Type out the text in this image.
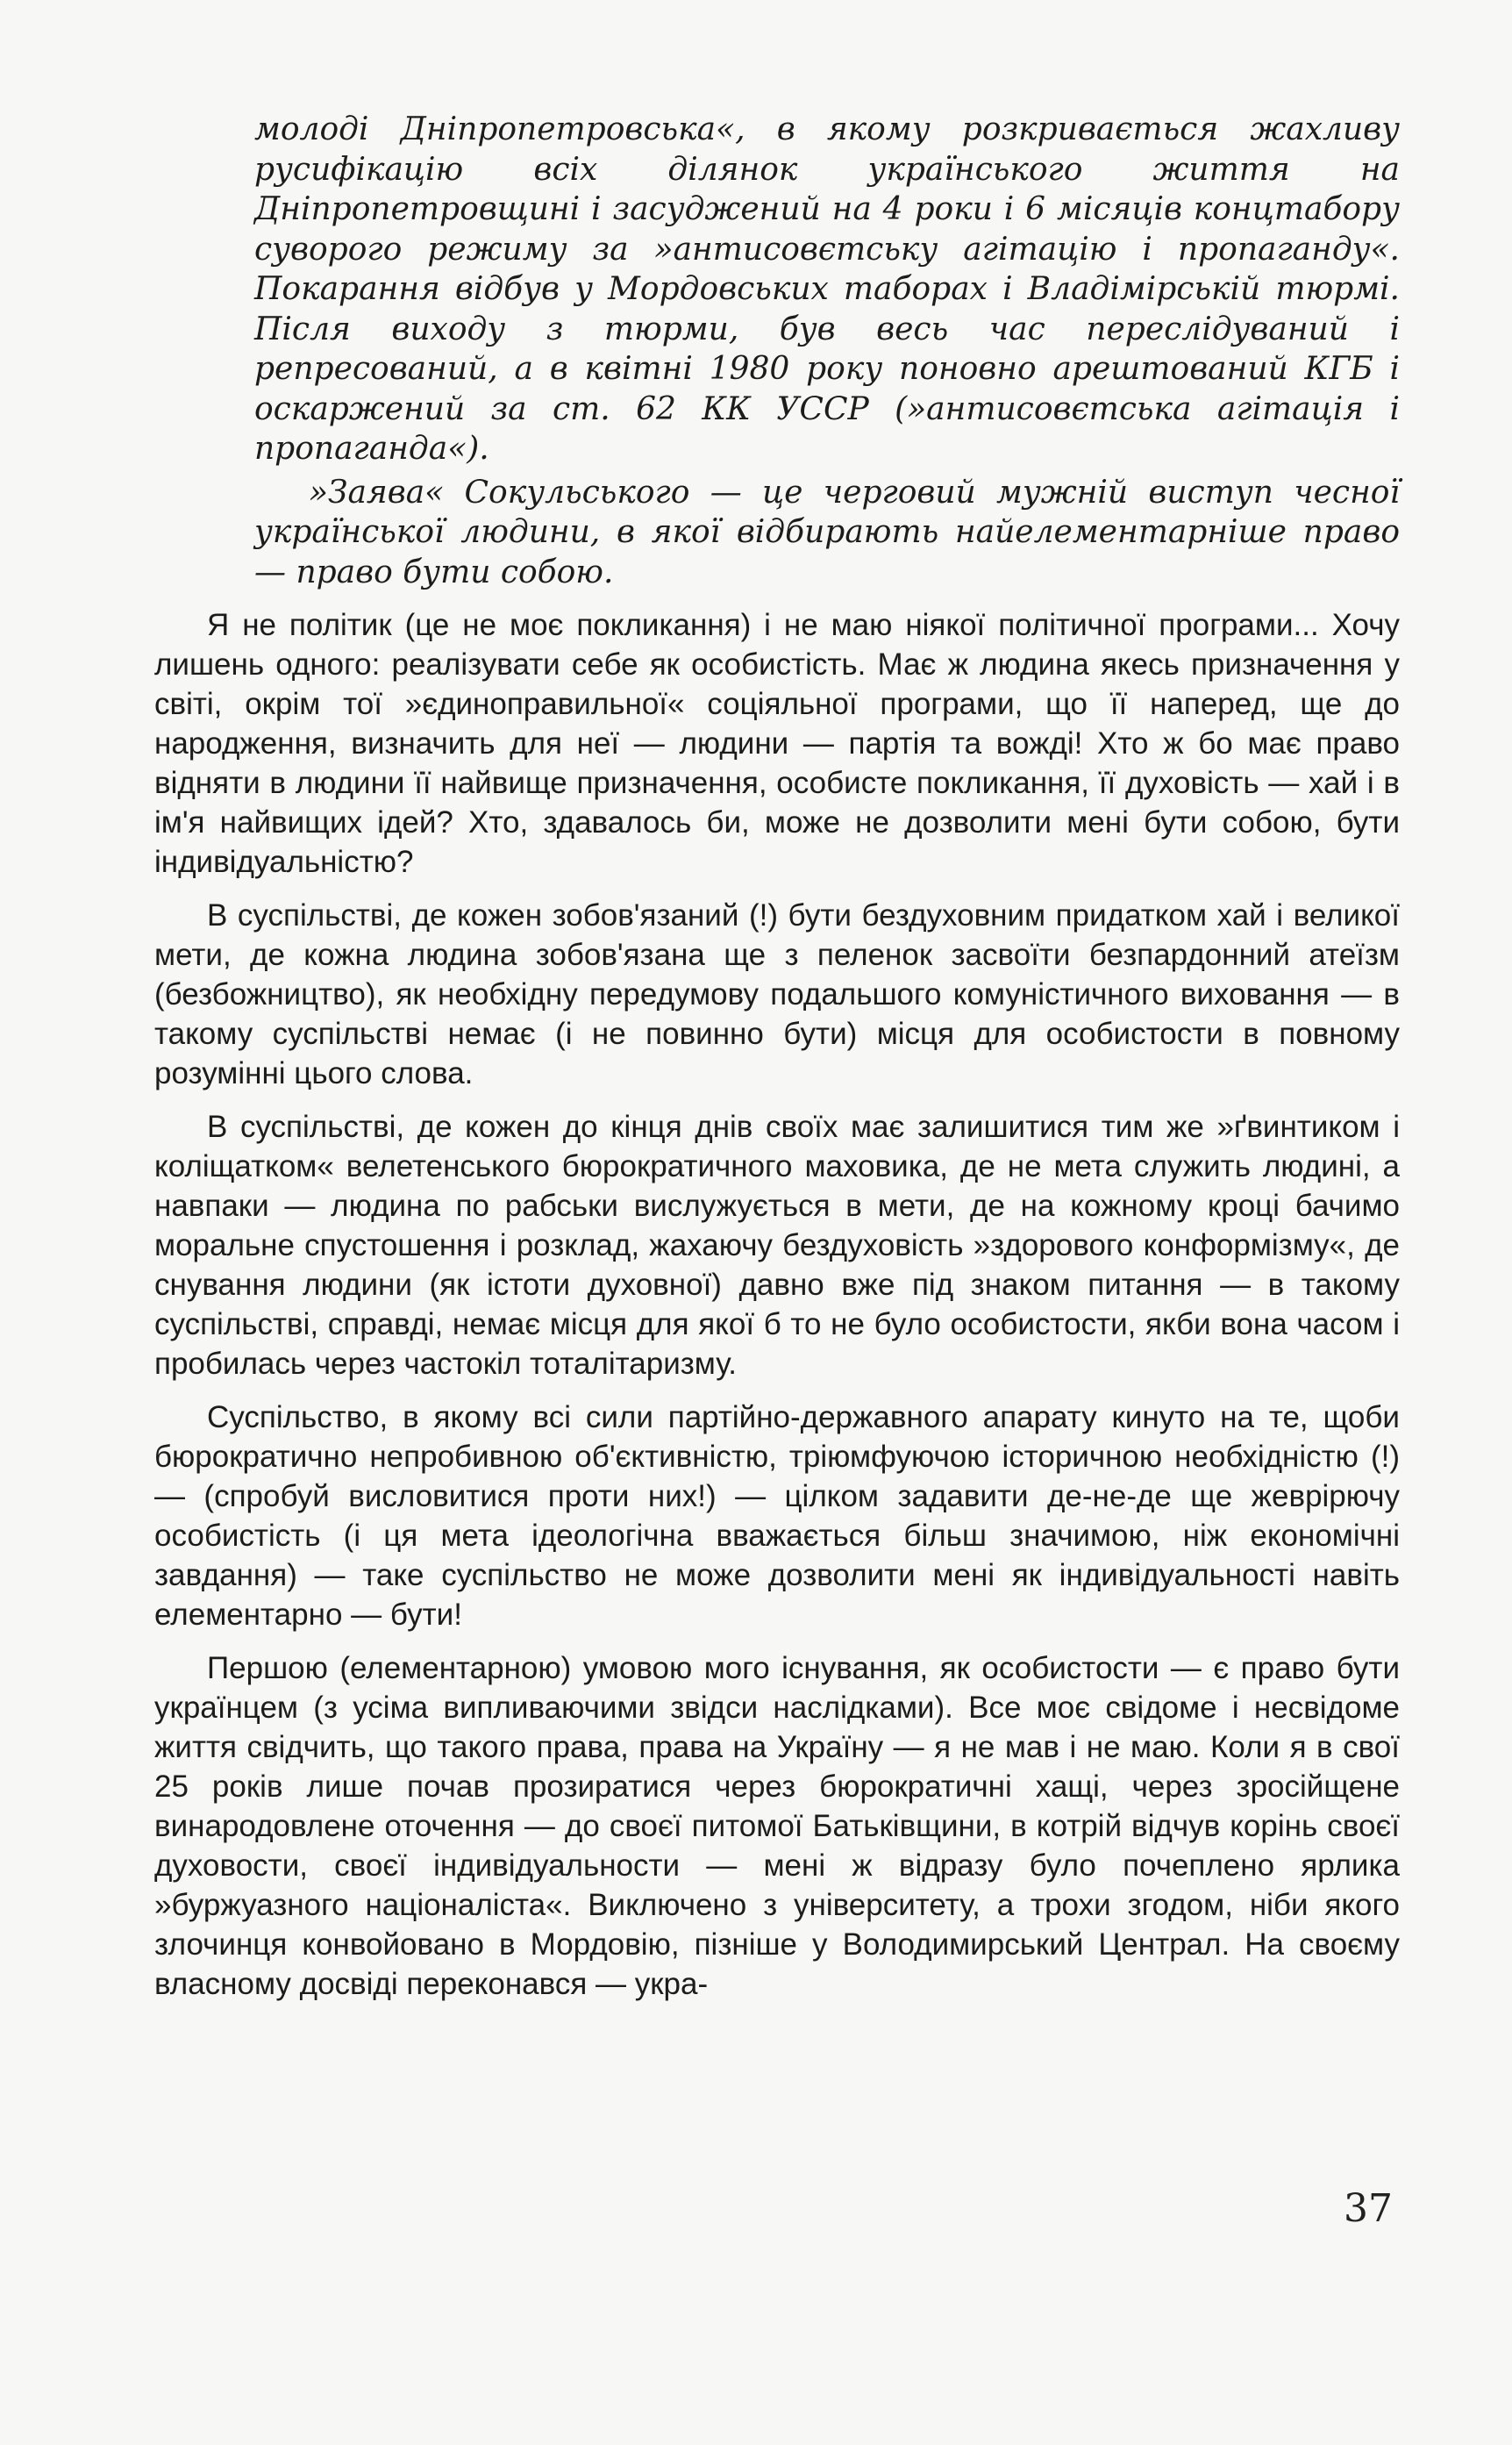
молоді Дніпропетровська«, в якому розкривається жахливу русифікацію всіх ділянок українського життя на Дніпропетровщині і засуджений на 4 роки і 6 місяців концтабору суворого режиму за »антисовєтську агітацію і пропаганду«. Покарання відбув у Мордовських таборах і Владімірській тюрмі. Після виходу з тюрми, був весь час переслідуваний і репресований, а в квітні 1980 року поновно арештований КГБ і оскаржений за ст. 62 КК УССР (»антисовєтська агітація і пропаганда«).

»Заява« Сокульського — це черговий мужній виступ чесної української людини, в якої відбирають найелементарніше право — право бути собою.

Я не політик (це не моє покликання) і не маю ніякої політичної програми... Хочу лишень одного: реалізувати себе як особистість. Має ж людина якесь призначення у світі, окрім тої »єдиноправильної« соціяльної програми, що її наперед, ще до народження, визначить для неї — людини — партія та вожді! Хто ж бо має право відняти в людини її найвище призначення, особисте покликання, її духовість — хай і в ім'я найвищих ідей? Хто, здавалось би, може не дозволити мені бути собою, бути індивідуальністю?

В суспільстві, де кожен зобов'язаний (!) бути бездуховним придатком хай і великої мети, де кожна людина зобов'язана ще з пеленок засвоїти безпардонний атеїзм (безбожництво), як необхідну передумову подальшого комуністичного виховання — в такому суспільстві немає (і не повинно бути) місця для особистости в повному розумінні цього слова.

В суспільстві, де кожен до кінця днів своїх має залишитися тим же »ґвинтиком і коліщатком« велетенського бюрократичного маховика, де не мета служить людині, а навпаки — людина по рабськи вислужується в мети, де на кожному кроці бачимо моральне спустошення і розклад, жахаючу бездуховість »здорового конформізму«, де снування людини (як істоти духовної) давно вже під знаком питання — в такому суспільстві, справді, немає місця для якої б то не було особистости, якби вона часом і пробилась через частокіл тоталітаризму.

Суспільство, в якому всі сили партійно-державного апарату кинуто на те, щоби бюрократично непробивною об'єктивністю, тріюмфуючою історичною необхідністю (!) — (спробуй висловитися проти них!) — цілком задавити де-не-де ще жеврірючу особистість (і ця мета ідеологічна вважається більш значимою, ніж економічні завдання) — таке суспільство не може дозволити мені як індивідуальності навіть елементарно — бути!

Першою (елементарною) умовою мого існування, як особистости — є право бути українцем (з усіма випливаючими звідси наслідками). Все моє свідоме і несвідоме життя свідчить, що такого права, права на Україну — я не мав і не маю. Коли я в свої 25 років лише почав прозиратися через бюрократичні хащі, через зросійщене винародовлене оточення — до своєї питомої Батьківщини, в котрій відчув корінь своєї духовости, своєї індивідуальности — мені ж відразу було почеплено ярлика »буржуазного націоналіста«. Виключено з університету, а трохи згодом, ніби якого злочинця конвойовано в Мордовію, пізніше у Володимирський Централ. На своєму власному досвіді переконався — укра-

37
